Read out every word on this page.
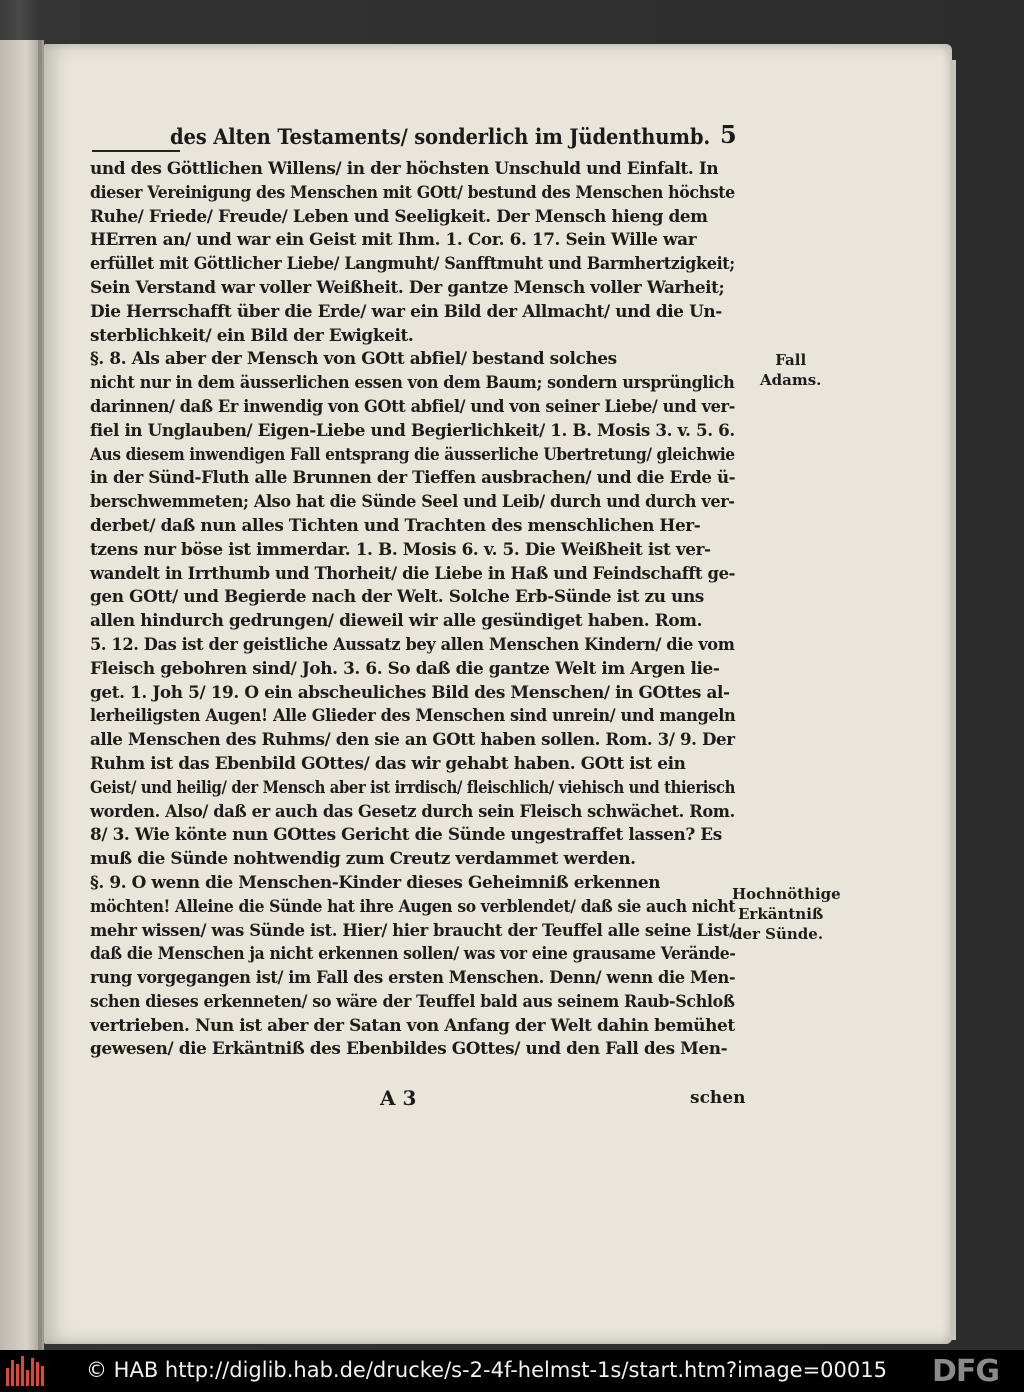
des Alten Testaments/ sonderlich im Jüdenthumb. 5
und des Göttlichen Willens/ in der höchsten Unschuld und Einfalt. In
dieser Vereinigung des Menschen mit GOtt/ bestund des Menschen höchste
Ruhe/ Friede/ Freude/ Leben und Seeligkeit. Der Mensch hieng dem
HErren an/ und war ein Geist mit Ihm. 1. Cor. 6. 17. Sein Wille war
erfüllet mit Göttlicher Liebe/ Langmuht/ Sanfftmuht und Barmhertzigkeit;
Sein Verstand war voller Weißheit. Der gantze Mensch voller Warheit;
Die Herrschafft über die Erde/ war ein Bild der Allmacht/ und die Un-
sterblichkeit/ ein Bild der Ewigkeit.
§. 8. Als aber der Mensch von GOtt abfiel/ bestand solches
nicht nur in dem äusserlichen essen von dem Baum; sondern ursprünglich
darinnen/ daß Er inwendig von GOtt abfiel/ und von seiner Liebe/ und ver-
fiel in Unglauben/ Eigen-Liebe und Begierlichkeit/ 1. B. Mosis 3. v. 5. 6.
Aus diesem inwendigen Fall entsprang die äusserliche Ubertretung/ gleichwie
in der Sünd-Fluth alle Brunnen der Tieffen ausbrachen/ und die Erde ü-
berschwemmeten; Also hat die Sünde Seel und Leib/ durch und durch ver-
derbet/ daß nun alles Tichten und Trachten des menschlichen Her-
tzens nur böse ist immerdar. 1. B. Mosis 6. v. 5. Die Weißheit ist ver-
wandelt in Irrthumb und Thorheit/ die Liebe in Haß und Feindschafft ge-
gen GOtt/ und Begierde nach der Welt. Solche Erb-Sünde ist zu uns
allen hindurch gedrungen/ dieweil wir alle gesündiget haben. Rom.
5. 12. Das ist der geistliche Aussatz bey allen Menschen Kindern/ die vom
Fleisch gebohren sind/ Joh. 3. 6. So daß die gantze Welt im Argen lie-
get. 1. Joh 5/ 19. O ein abscheuliches Bild des Menschen/ in GOttes al-
lerheiligsten Augen! Alle Glieder des Menschen sind unrein/ und mangeln
alle Menschen des Ruhms/ den sie an GOtt haben sollen. Rom. 3/ 9. Der
Ruhm ist das Ebenbild GOttes/ das wir gehabt haben. GOtt ist ein
Geist/ und heilig/ der Mensch aber ist irrdisch/ fleischlich/ viehisch und thierisch
worden. Also/ daß er auch das Gesetz durch sein Fleisch schwächet. Rom.
8/ 3. Wie könte nun GOttes Gericht die Sünde ungestraffet lassen? Es
muß die Sünde nohtwendig zum Creutz verdammet werden.
§. 9. O wenn die Menschen-Kinder dieses Geheimniß erkennen
möchten! Alleine die Sünde hat ihre Augen so verblendet/ daß sie auch nicht
mehr wissen/ was Sünde ist. Hier/ hier braucht der Teuffel alle seine List/
daß die Menschen ja nicht erkennen sollen/ was vor eine grausame Verände-
rung vorgegangen ist/ im Fall des ersten Menschen. Denn/ wenn die Men-
schen dieses erkenneten/ so wäre der Teuffel bald aus seinem Raub-Schloß
vertrieben. Nun ist aber der Satan von Anfang der Welt dahin bemühet
gewesen/ die Erkäntniß des Ebenbildes GOttes/ und den Fall des Men-
Fall
Adams.
Hochnöthige
Erkäntniß
der Sünde.
A 3	schen
© HAB http://diglib.hab.de/drucke/s-2-4f-helmst-1s/start.htm?image=00015 DFG
